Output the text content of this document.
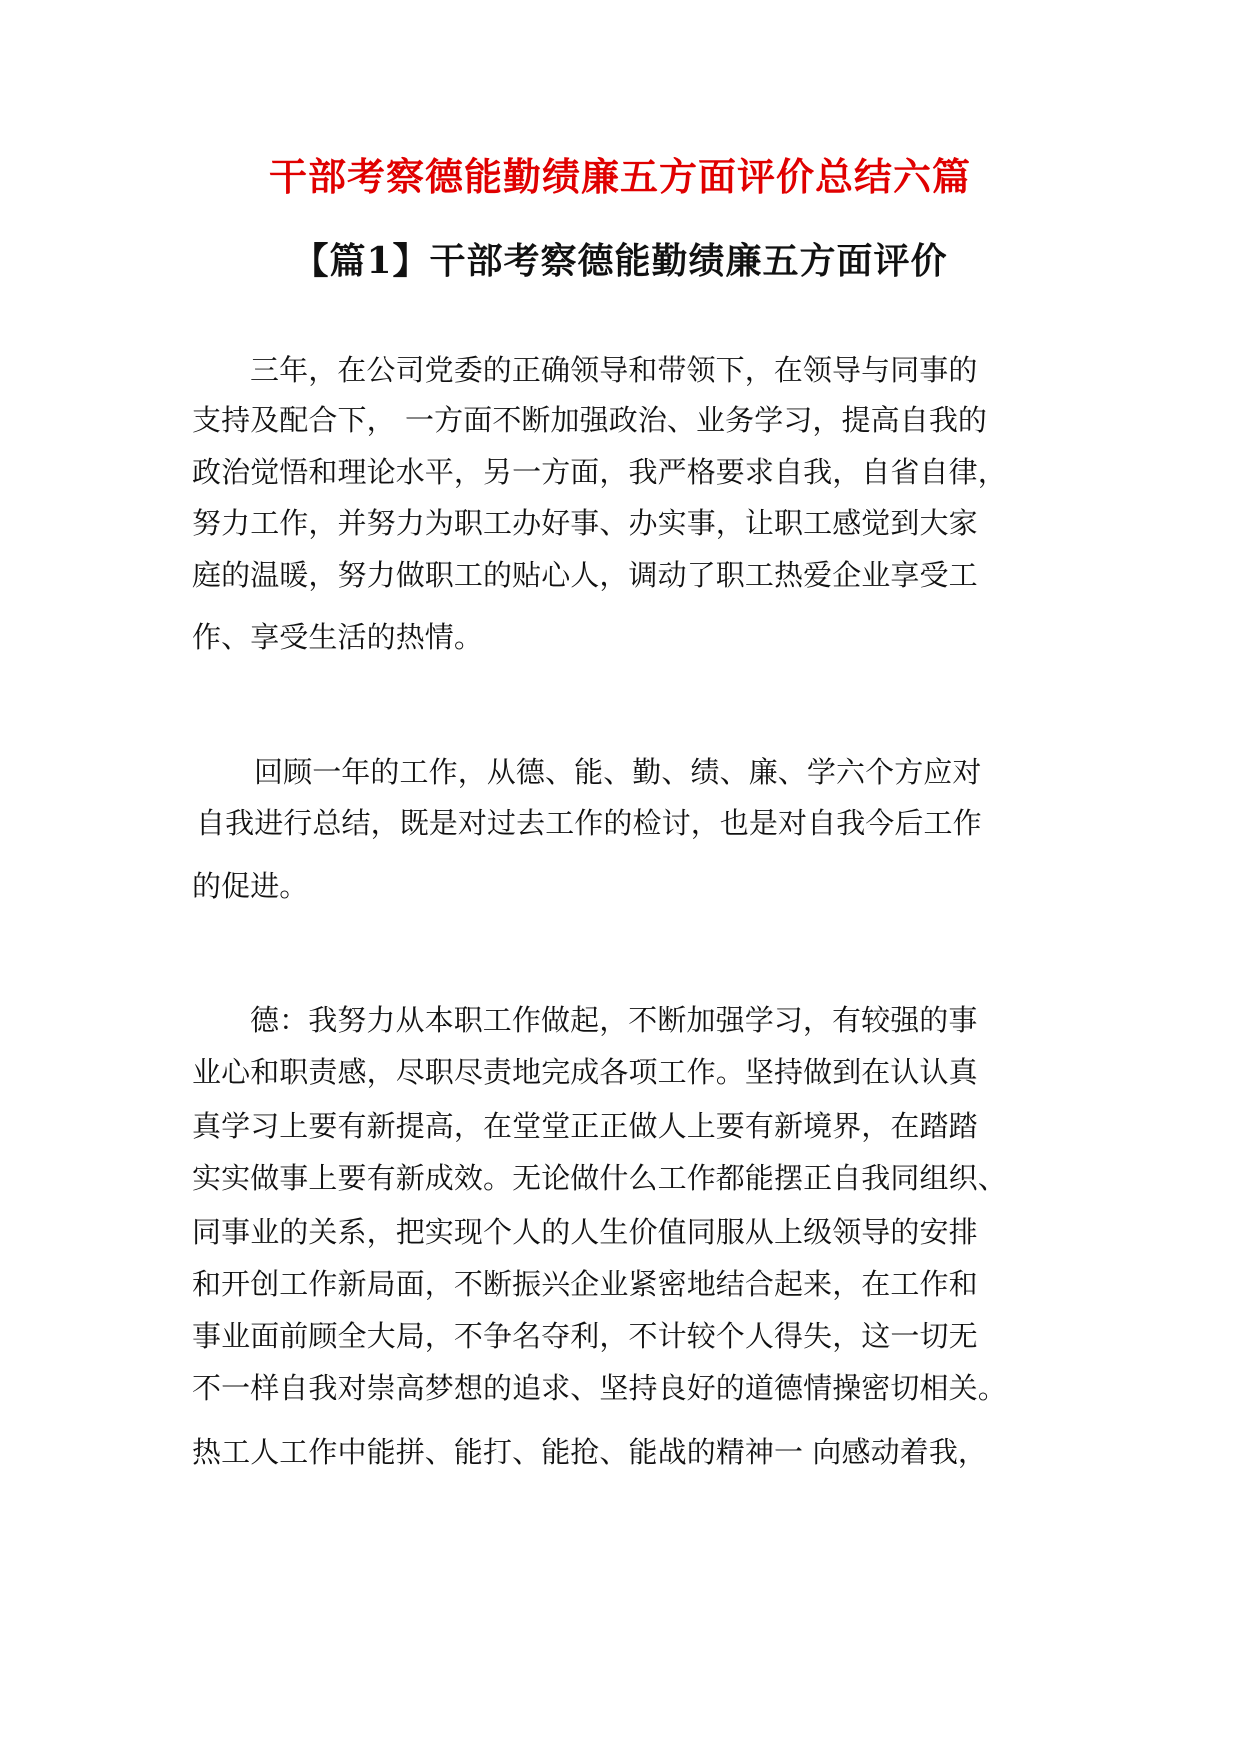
干部考察德能勤绩廉五方面评价总结六篇
【篇1】干部考察德能勤绩廉五方面评价
三年，在公司党委的正确领导和带领下，在领导与同事的
支持及配合下， 一方面不断加强政治、业务学习，提高自我的
政治觉悟和理论水平，另一方面，我严格要求自我，自省自律，
努力工作，并努力为职工办好事、办实事，让职工感觉到大家
庭的温暖，努力做职工的贴心人，调动了职工热爱企业享受工
作、享受生活的热情。
回顾一年的工作，从德、能、勤、绩、廉、学六个方应对
自我进行总结，既是对过去工作的检讨，也是对自我今后工作
的促进。
德：我努力从本职工作做起，不断加强学习，有较强的事
业心和职责感，尽职尽责地完成各项工作。坚持做到在认认真
真学习上要有新提高，在堂堂正正做人上要有新境界，在踏踏
实实做事上要有新成效。无论做什么工作都能摆正自我同组织、
同事业的关系，把实现个人的人生价值同服从上级领导的安排
和开创工作新局面，不断振兴企业紧密地结合起来，在工作和
事业面前顾全大局，不争名夺利，不计较个人得失，这一切无
不一样自我对崇高梦想的追求、坚持良好的道德情操密切相关。
热工人工作中能拼、能打、能抢、能战的精神一 向感动着我，
